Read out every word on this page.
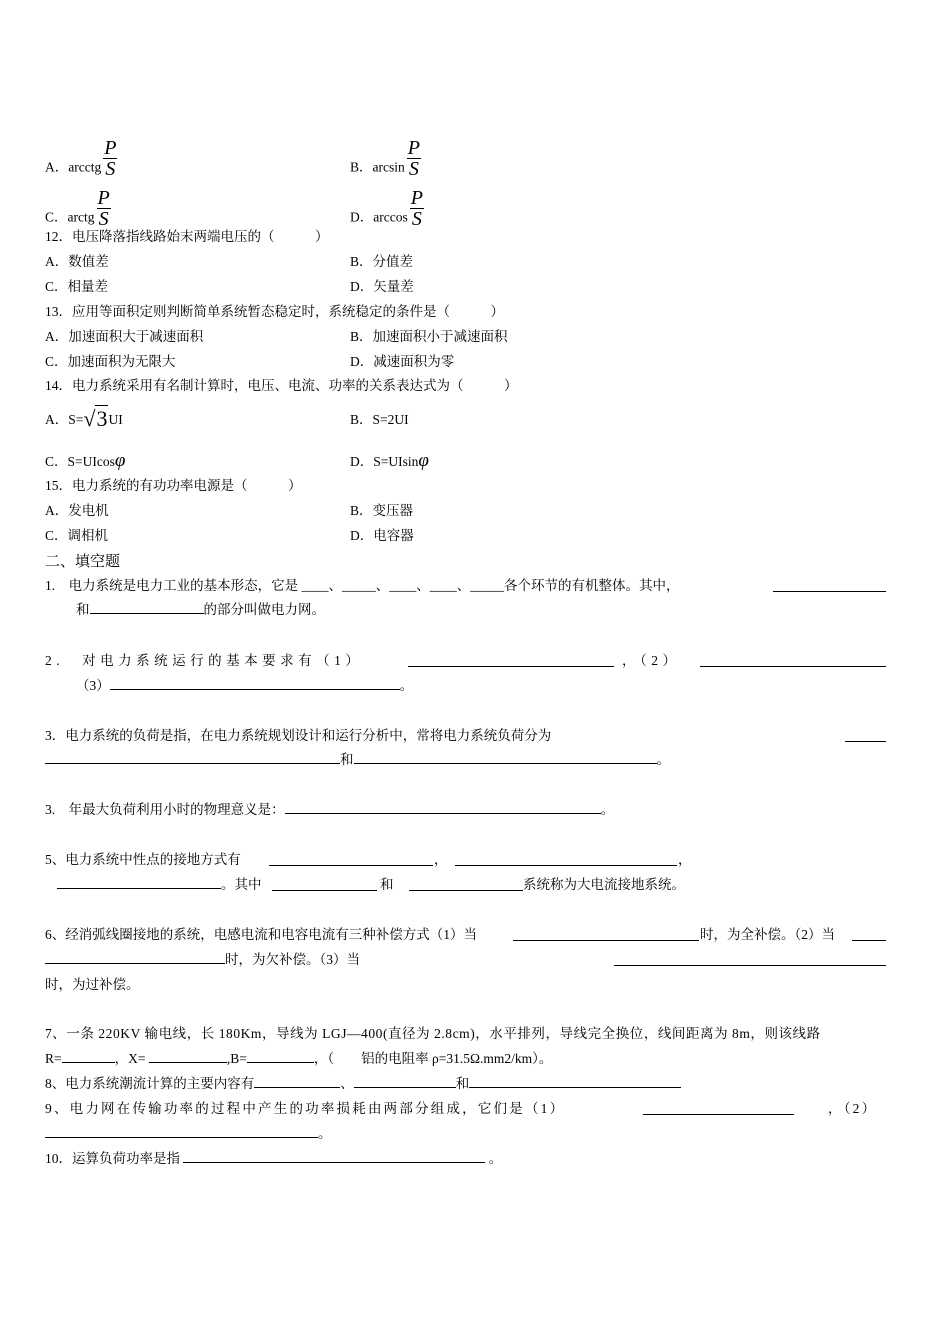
A．arcctg $\frac{P}{S}$	B．$\arcsin \frac{P}{S}$
C．arctg $\frac{P}{S}$	D．$\arccos \frac{P}{S}$
12．电压降落指线路始末两端电压的（　　　）
A．数值差	B．分值差
C．相量差	D．矢量差
13．应用等面积定则判断简单系统暂态稳定时，系统稳定的条件是（　　　）
A．加速面积大于减速面积	B．加速面积小于减速面积
C．加速面积为无限大	D．减速面积为零
14．电力系统采用有名制计算时，电压、电流、功率的关系表达式为（　　　）
A．S=√3UI	B．S=2UI
C．S=UIcosφ	D．S=UIsinφ
15．电力系统的有功功率电源是（　　　）
A．发电机	B．变压器
C．调相机	D．电容器
二、填空题
1.　电力系统是电力工业的基本形态，它是 ____、_____、____、____、_____各个环节的有机整体。其中，
和	的部分叫做电力网。
2.　对电力系统运行的基本要求有（1）	，（2）
（3）	。
3．电力系统的负荷是指，在电力系统规划设计和运行分析中，常将电力系统负荷分为
和	。
3.　年最大负荷利用小时的物理意义是：	。
5、电力系统中性点的接地方式有	，	，
。其中	和	系统称为大电流接地系统。
6、经消弧线圈接地的系统，电感电流和电容电流有三种补偿方式（1）当	时，为全补偿。（2）当
时，为欠补偿。（3）当
时，为过补偿。
7、一条 220KV 输电线，长 180Km，导线为 LGJ—400(直径为 2.8cm)，水平排列，导线完全换位，线间距离为 8m，则该线路
R=	，X=	,B=	，（　　铝的电阻率 ρ=31.5Ω.mm2/km）。
8、电力系统潮流计算的主要内容有	、	和
9、电力网在传输功率的过程中产生的功率损耗由两部分组成，它们是（1）	，（2）
。
10．运算负荷功率是指	。
